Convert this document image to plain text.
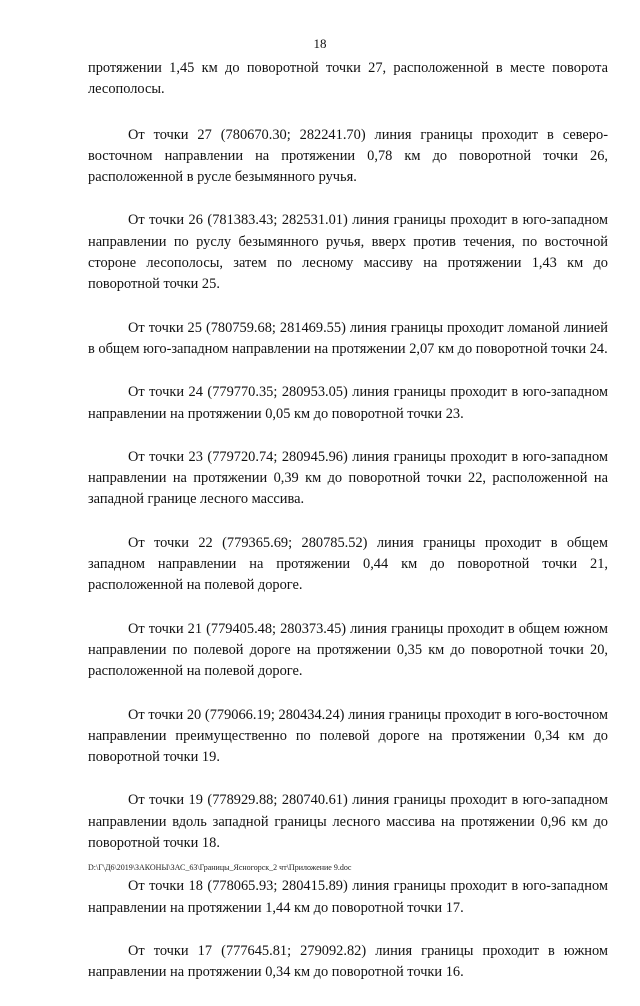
18

протяжении 1,45 км до поворотной точки 27, расположенной в месте поворота лесополосы.

От точки 27 (780670.30; 282241.70) линия границы проходит в северо-восточном направлении на протяжении 0,78 км до поворотной точки 26, расположенной в русле безымянного ручья.

От точки 26 (781383.43; 282531.01) линия границы проходит в юго-западном направлении по руслу безымянного ручья, вверх против течения, по восточной стороне лесополосы, затем по лесному массиву на протяжении 1,43 км до поворотной точки 25.

От точки 25 (780759.68; 281469.55) линия границы проходит ломаной линией в общем юго-западном направлении на протяжении 2,07 км до поворотной точки 24.

От точки 24 (779770.35; 280953.05) линия границы проходит в юго-западном направлении на протяжении 0,05 км до поворотной точки 23.

От точки 23 (779720.74; 280945.96) линия границы проходит в юго-западном направлении на протяжении 0,39 км до поворотной точки 22, расположенной на западной границе лесного массива.

От точки 22 (779365.69; 280785.52) линия границы проходит в общем западном направлении на протяжении 0,44 км до поворотной точки 21, расположенной на полевой дороге.

От точки 21 (779405.48; 280373.45) линия границы проходит в общем южном направлении по полевой дороге на протяжении 0,35 км до поворотной точки 20, расположенной на полевой дороге.

От точки 20 (779066.19; 280434.24) линия границы проходит в юго-восточном направлении преимущественно по полевой дороге на протяжении 0,34 км до поворотной точки 19.

От точки 19 (778929.88; 280740.61) линия границы проходит в юго-западном направлении вдоль западной границы лесного массива на протяжении 0,96 км до поворотной точки 18.

От точки 18 (778065.93; 280415.89) линия границы проходит в юго-западном направлении на протяжении 1,44 км до поворотной точки 17.

От точки 17 (777645.81; 279092.82) линия границы проходит в южном направлении на протяжении 0,34 км до поворотной точки 16.

D:\Г\Д6\2019\ЗАКОНЫ\ЗАС_63\Границы_Ясногорск_2 чт\Приложение 9.doc
